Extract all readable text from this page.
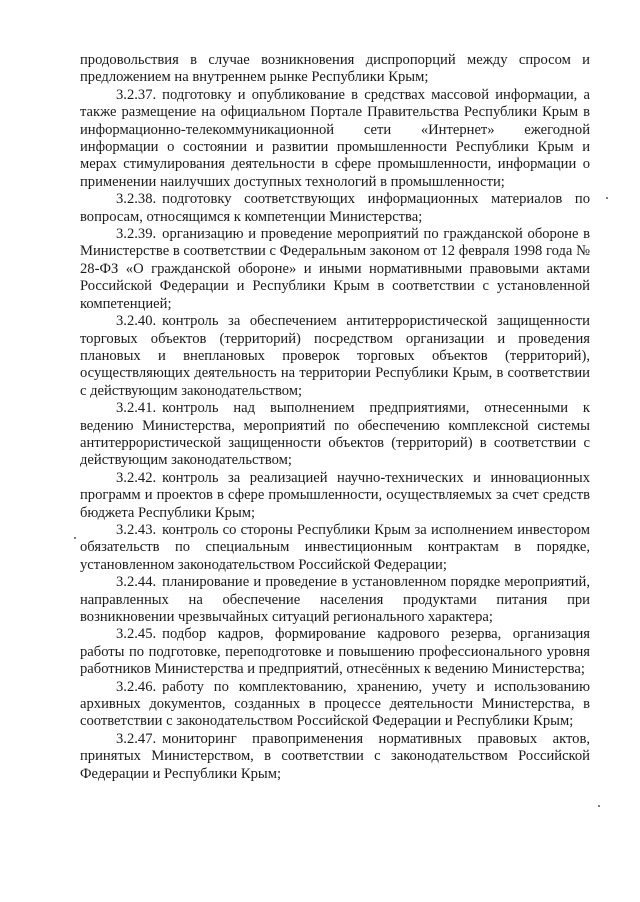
продовольствия в случае возникновения диспропорций между спросом и предложением на внутреннем рынке Республики Крым;

3.2.37. подготовку и опубликование в средствах массовой информации, а также размещение на официальном Портале Правительства Республики Крым в информационно-телекоммуникационной сети «Интернет» ежегодной информации о состоянии и развитии промышленности Республики Крым и мерах стимулирования деятельности в сфере промышленности, информации о применении наилучших доступных технологий в промышленности;

3.2.38. подготовку соответствующих информационных материалов по вопросам, относящимся к компетенции Министерства;

3.2.39. организацию и проведение мероприятий по гражданской обороне в Министерстве в соответствии с Федеральным законом от 12 февраля 1998 года № 28-ФЗ «О гражданской обороне» и иными нормативными правовыми актами Российской Федерации и Республики Крым в соответствии с установленной компетенцией;

3.2.40. контроль за обеспечением антитеррористической защищенности торговых объектов (территорий) посредством организации и проведения плановых и внеплановых проверок торговых объектов (территорий), осуществляющих деятельность на территории Республики Крым, в соответствии с действующим законодательством;

3.2.41. контроль над выполнением предприятиями, отнесенными к ведению Министерства, мероприятий по обеспечению комплексной системы антитеррористической защищенности объектов (территорий) в соответствии с действующим законодательством;

3.2.42. контроль за реализацией научно-технических и инновационных программ и проектов в сфере промышленности, осуществляемых за счет средств бюджета Республики Крым;

3.2.43. контроль со стороны Республики Крым за исполнением инвестором обязательств по специальным инвестиционным контрактам в порядке, установленном законодательством Российской Федерации;

3.2.44. планирование и проведение в установленном порядке мероприятий, направленных на обеспечение населения продуктами питания при возникновении чрезвычайных ситуаций регионального характера;

3.2.45. подбор кадров, формирование кадрового резерва, организация работы по подготовке, переподготовке и повышению профессионального уровня работников Министерства и предприятий, отнесённых к ведению Министерства;

3.2.46. работу по комплектованию, хранению, учету и использованию архивных документов, созданных в процессе деятельности Министерства, в соответствии с законодательством Российской Федерации и Республики Крым;

3.2.47. мониторинг правоприменения нормативных правовых актов, принятых Министерством, в соответствии с законодательством Российской Федерации и Республики Крым;
